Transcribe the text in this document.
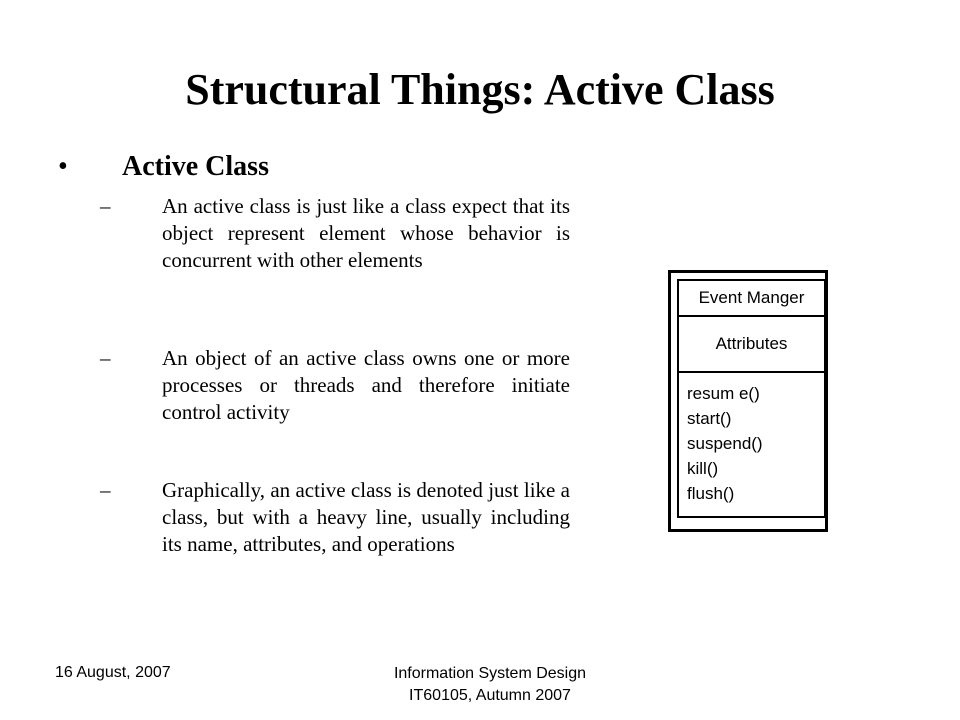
Structural Things: Active Class
• Active Class
– An active class is just like a class expect that its object represent element whose behavior is concurrent with other elements
– An object of an active class owns one or more processes or threads and therefore initiate control activity
– Graphically, an active class is denoted just like a class, but with a heavy line, usually including its name, attributes, and operations
Event Manger
Attributes
resum e()
start()
suspend()
kill()
flush()
16 August, 2007	Information System Design
IT60105, Autumn 2007
